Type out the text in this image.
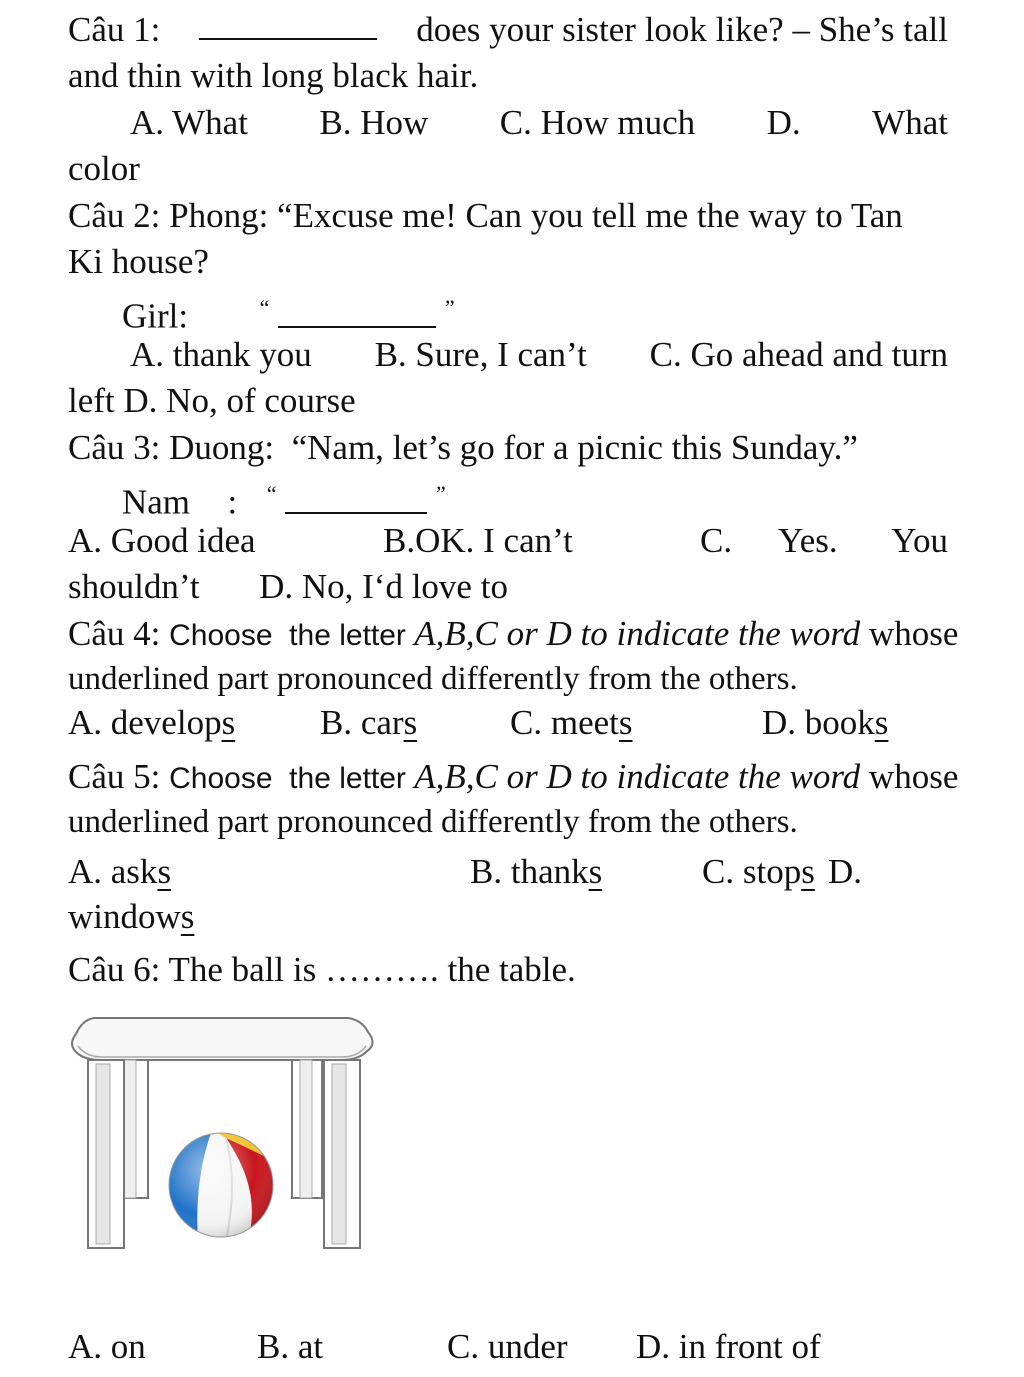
Câu 1:	does your sister look like? – She’s tall
and thin with long black hair.
A. What B. How C. How much D. What
color
Câu 2: Phong: “Excuse me! Can you tell me the way to Tan
Ki house?
Girl:	“	”
A. thank you B. Sure, I can’t C. Go ahead and turn
left D. No, of course
Câu 3: Duong:  “Nam, let’s go for a picnic this Sunday.”
Nam : “	”
A. Good idea	B.OK. I can’t	C. Yes. You
shouldn’t D. No, I‘d love to
Câu 4: Choose  the letter A,B,C or D to indicate the word whose
underlined part pronounced differently from the others.
A. develops B. cars	C. meets	D. books
Câu 5: Choose  the letter A,B,C or D to indicate the word whose
underlined part pronounced differently from the others.
A. asks	B. thanks	C. stops D.
windows
Câu 6: The ball is ………. the table.
A. on	B. at	C. under D. in front of
